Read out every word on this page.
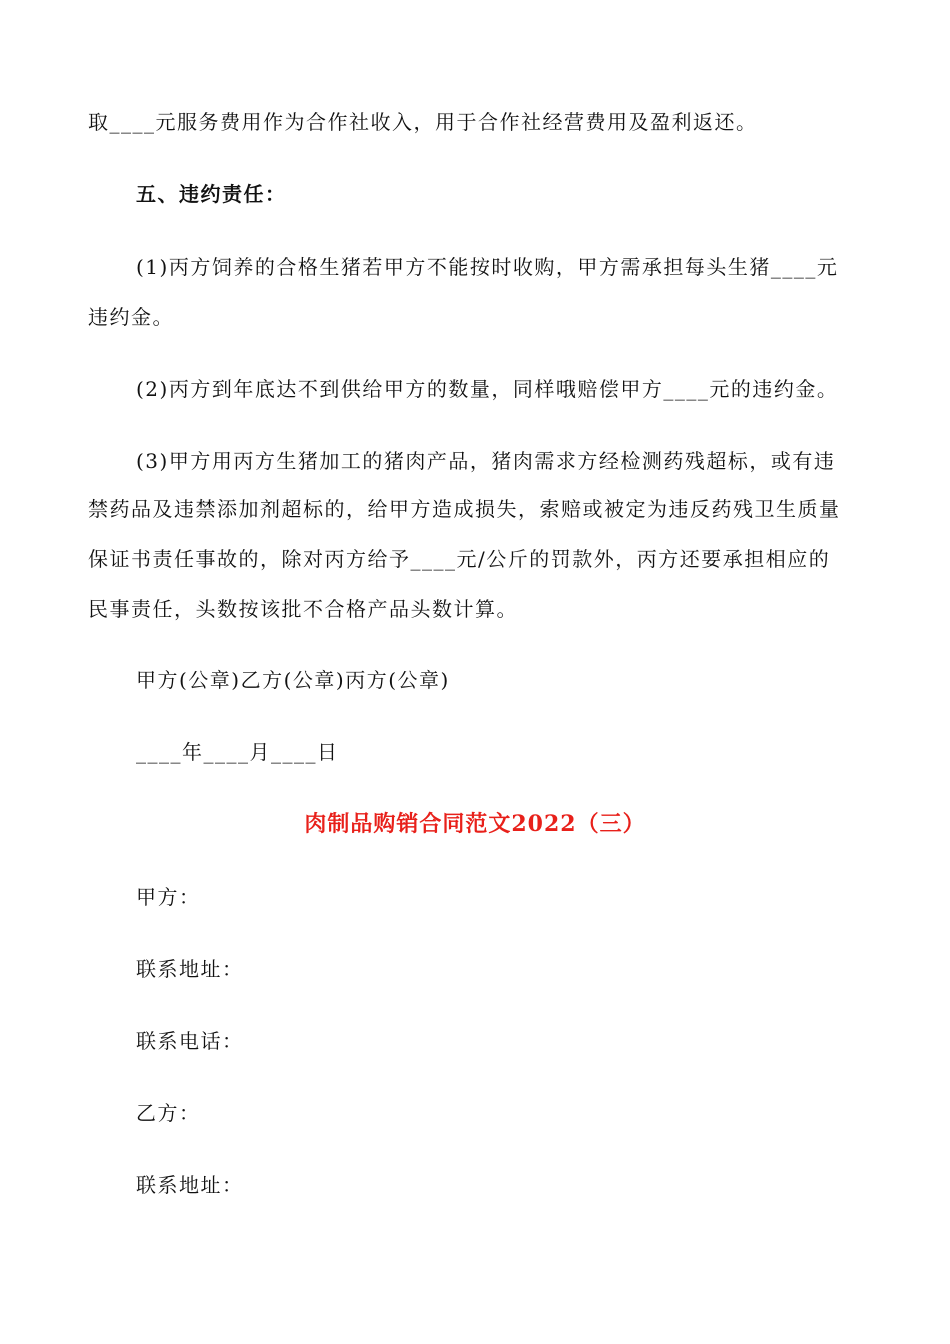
取____元服务费用作为合作社收入，用于合作社经营费用及盈利返还。
五、违约责任：
(1)丙方饲养的合格生猪若甲方不能按时收购，甲方需承担每头生猪____元
违约金。
(2)丙方到年底达不到供给甲方的数量，同样哦赔偿甲方____元的违约金。
(3)甲方用丙方生猪加工的猪肉产品，猪肉需求方经检测药残超标，或有违
禁药品及违禁添加剂超标的，给甲方造成损失，索赔或被定为违反药残卫生质量
保证书责任事故的，除对丙方给予____元/公斤的罚款外，丙方还要承担相应的
民事责任，头数按该批不合格产品头数计算。
甲方(公章)乙方(公章)丙方(公章)
____年____月____日
肉制品购销合同范文2022（三）
甲方：
联系地址：
联系电话：
乙方：
联系地址：
